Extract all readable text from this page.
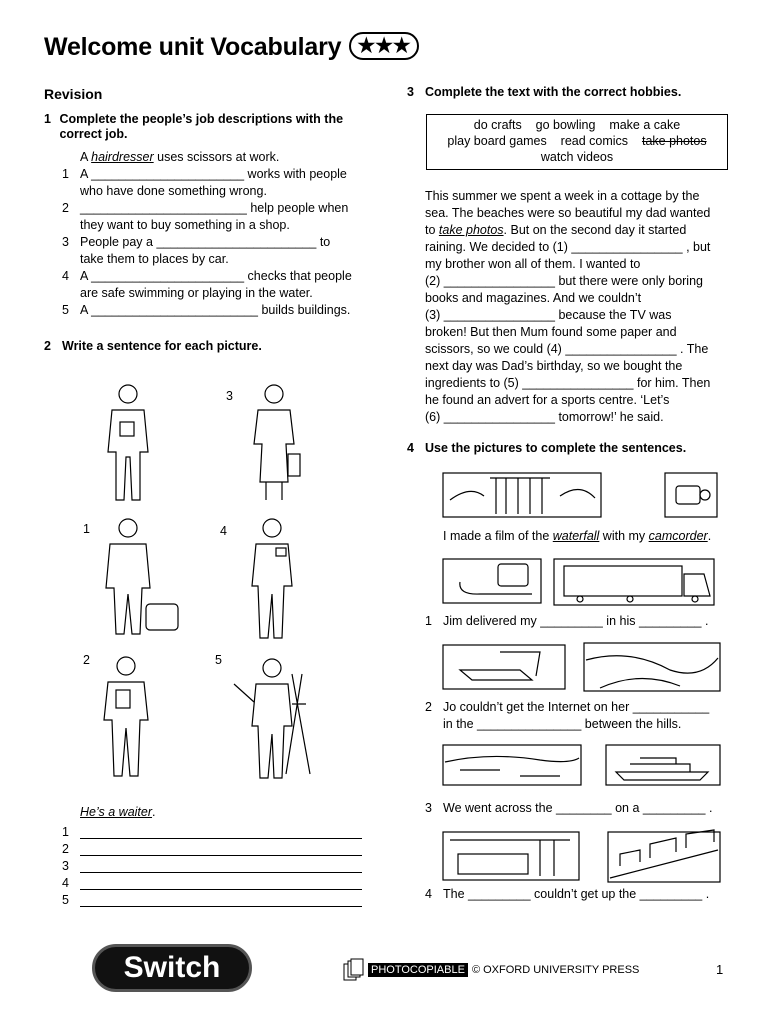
Welcome unit Vocabulary ★★★
Revision
1 Complete the people’s job descriptions with the correct job.
A hairdresser uses scissors at work.
1 A ______________________ works with people
who have done something wrong.
2 ________________________ help people when
they want to buy something in a shop.
3 People pay a _______________________ to
take them to places by car.
4 A ______________________ checks that people
are safe swimming or playing in the water.
5 A ________________________ builds buildings.
2 Write a sentence for each picture.
3
1	4
2	5
He’s a waiter.
1
2
3
4
5
3 Complete the text with the correct hobbies.
do crafts go bowling make a cake
play board games read comics take photos
watch videos
This summer we spent a week in a cottage by the
sea. The beaches were so beautiful my dad wanted
to take photos. But on the second day it started
raining. We decided to (1) ________________ , but
my brother won all of them. I wanted to
(2) ________________ but there were only boring
books and magazines. And we couldn’t
(3) ________________ because the TV was
broken! But then Mum found some paper and
scissors, so we could (4) ________________ . The
next day was Dad’s birthday, so we bought the
ingredients to (5) ________________ for him. Then
he found an advert for a sports centre. ‘Let’s
(6) ________________ tomorrow!’ he said.
4 Use the pictures to complete the sentences.
I made a film of the waterfall with my camcorder.
1 Jim delivered my _________ in his _________ .
2 Jo couldn’t get the Internet on her ___________
in the _______________ between the hills.
3 We went across the ________ on a _________ .
4 The _________ couldn’t get up the _________ .
Switch	PHOTOCOPIABLE © OXFORD UNIVERSITY PRESS	1
